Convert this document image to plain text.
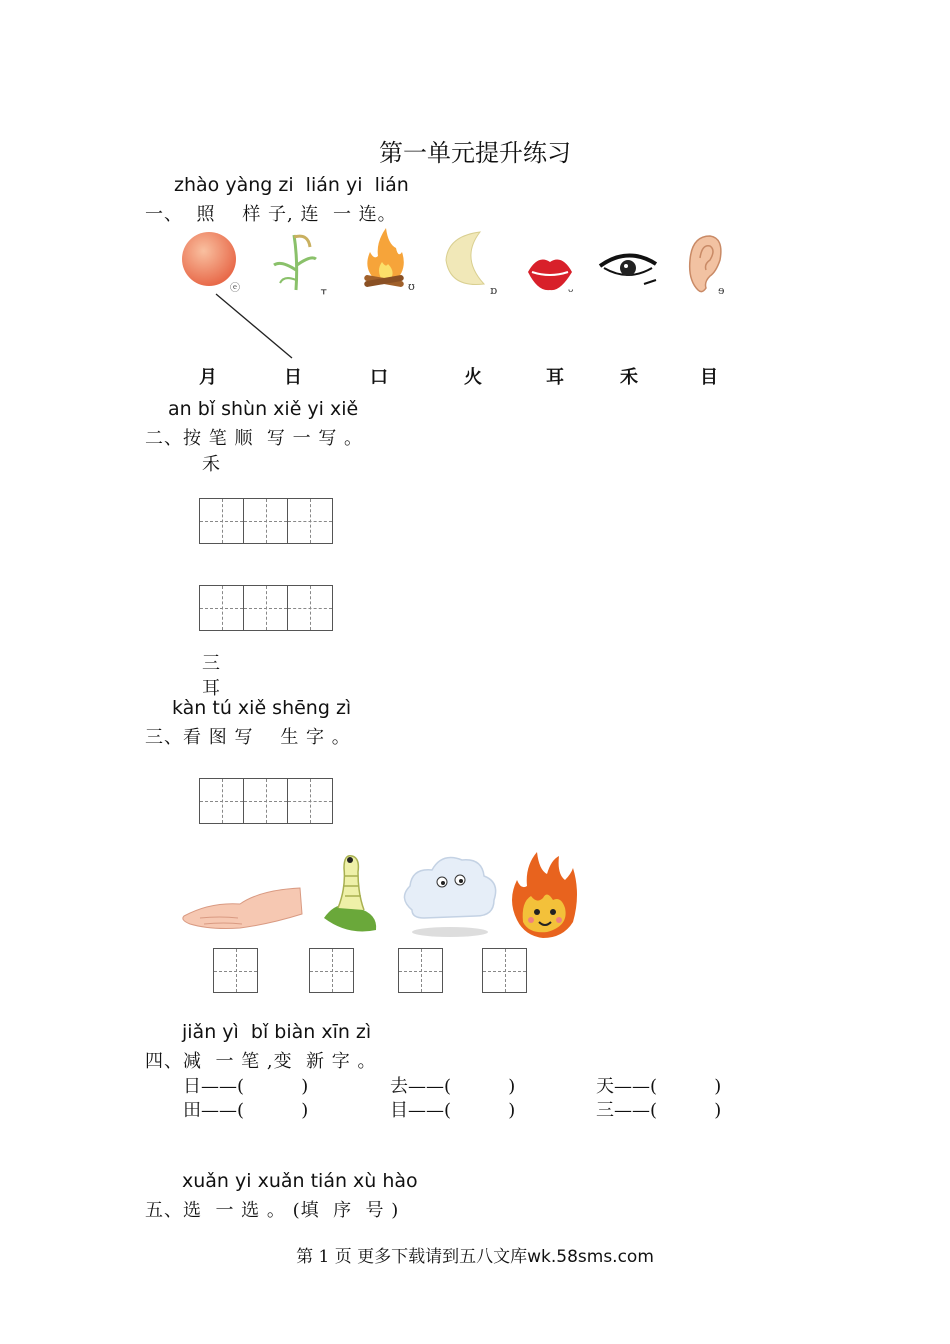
第一单元提升练习
zhào yàng zi  lián yi  lián
一、  照    样 子, 连  一 连。
ⓔ	ᚁ	ʊ	ɒ	ᴗ	ɘ
月	日	口	火	耳	禾	目
an bǐ shùn xiě yi xiě
二、按 笔 顺  写 一 写 。
禾
三
耳
kàn tú xiě shēng zì
三、看 图 写    生 字 。
jiǎn yì  bǐ biàn xīn zì
四、减  一 笔 ,变  新 字 。
日——(          )	去——(          )	天——(          )
田——(          )	目——(          )	三——(          )
xuǎn yi xuǎn tián xù hào
五、选  一 选 。 (填  序  号 )
第 1 页 更多下载请到五八文库wk.58sms.com
